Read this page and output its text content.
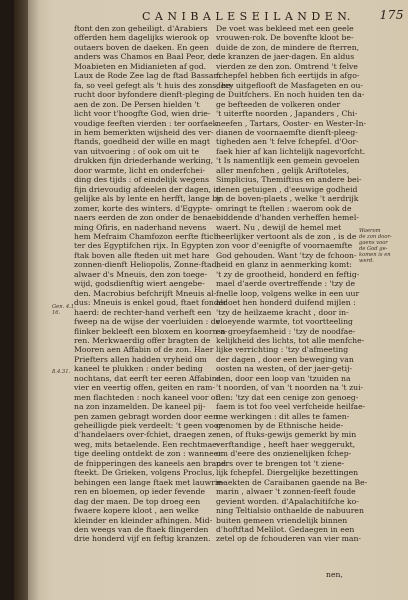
C A N I B A L E S E I L A N D E N. 175
ftont den zon geheiligt. d'Arabiers
offerden hem dagelijks wierook op
outaers boven de daeken. En geen
anders was Chamos en Baal Peor, de
Moabieten en Midianieten af god.
Laux de Rode Zee lag de ftad Bassam
fa, so veel gefegt als 't huis des zons, be-
rucht door byfondere dienft-pleging
aen de zon. De Persen hielden 't
licht voor t'hoogfte God, wien drie-
voudige feeften vierden : ter oorfaek
in hem bemerkten wijsheid des ver-
ftands, goedheid der wille en magt
van uitvoering : of ook om uit te
drukken fijn driederhande werking,
door warmte, licht en onderfchei-
ding des tijds : of eindelijk wegens
fijn drievoudig afdeelen der dagen, in
gelijke als by lente en herfft, lange by
zomer, korte des winters. d'Egypte-
naers eerden de zon onder de benae-
ming Ofiris, en naderhand nevens
hem Mefraim Chamfozon eerfte ftich-
ter des Egyptifchen rijx. In Egypten
ftak boven alle fteden uit met hare
zonnen-dienft Heliopolis, Zonne-ftad;
alwaer d's Mneuis, den zon toege-
wijd, godsdienftig wiert aengebe-
den. Macrobius befchrijft Mneuis al-
dus: Mneuis is enkel goud, ftaet fonder
haerd: de rechter-hand verheft een
fweep na de wijse der voerluiden : de
flinker bekleeft een bloxem en koorn-a-
ren. Merkwaerdig offer bragten de
Mooren aen Affabin of de zon. Haer
Priefters allen hadden vryheid om
kaneel te plukken : onder beding
nochtans, dat eerft ter eeren Affabins
vier en veertig offen, geiten en ram-
men flachteden : noch kaneel voor of
na zon inzamelden. De kaneel pij-
pen zamen gebragt worden door een
geheilligde piek verdeelt: 't geen voor
d'handelaers over-fchiet, draegen ze
weg, mits betaelende. Een rechtmae-
tige deeling ontdekt de zon : wanneer
de fnipperingen des kaneels aen brand
fteekt. De Grieken, volgens Proclus,
behingen een lange ftaek met lauwrie-
ren en bloemen, op ieder fevende
dag der maen. De top droeg een
fwaere kopere kloot , aen welke
kleinder en kleinder afhingen. Mid-
den weegs van de ftaek flingerden
drie honderd vijf en feftig kranzen.
De voet was bekleed met een geele
vrouwen-rok. De bovenfte kloot be-
duide de zon, de mindere de fterren,
de kranzen de jaer-dagen. En aldus
vierden ze den zon. Omtrend 't felve
fchepfel hebben fich eertijds in afgo-
dery uitgeflooft de Masfageten en ou-
de Duitfchers. En noch huiden ten da-
ge befteeden de volkeren onder
't uiterfte noorden , Japanders , Chi-
neefen , Tartars, Ooster- en Wester-In-
dianen de voornaemfte dienft-pleeg-
tigheden aen 't felve fchepfel. d'Oor-
faek hier af kan lichtelijk nagevorfcht.
't Is namentlijk een gemein gevoelen
aller menfchen , gelijk Ariftoteles,
Simplicius, Themiftius en andere bei-
denen getuigen , d'eeuwige godheid
in de boven-plaets , welke 't aerdrijk
omringt te ftellen : waerom ook de
biddende d'handen verheffen hemel-
waert. Nu , dewijl de hemel met
heerlijker vertoont als de zon , is de
zon voor d'eenigfte of voornaemfte
God gehouden. Want 'tzy de fchoon-
heid en glanz in aenmerking komt:
't zy de grootheid, honderd en feftig-
mael d'aerde overtreffende : 'tzy de
fnelle loop, volgens welke in een uur
aldoet hen honderd duifend mijlen :
'tzy de heilzaeme kracht , door in-
vloeyende warmte, tot voortteeling
en groeyfaemheid : 'tzy de noodfae-
kelijkheid des lichts, tot alle menfche-
lijke verrichting : 'tzy d'afmeeting
der dagen , door een beweging van
oosten na westen, of der jaer-getij-
den, door een loop van 'tzuiden na
't noorden, of van 't noorden na 't zui-
den: 'tzy dat een cenige zon genoeg-
faem is tot foo veel verfcheide heilfae-
me werkingen : dit alles te famen-
genomen by de Ethnische heide-
nen, of ftuks-gewijs gemerkt by min
verftandige , heeft haer weggerukt,
om d'eere des onzienelijken fchep-
pers over te brengen tot 't ziene-
lijk fchepfel. Diergelijke bezettingen
maekten de Caraibanen gaende na Be-
marin , alwaer 't zonnen-feeft foude
gevient worden. d'Apalachitifche ko-
ning Teltialsio onthaelde de nabuuren
buiten gemeen vriendelijk binnen
d'hoftftad Melilot. Gedaegen in een
zetel op de fchouderen van vier man-
Gen. 4.1.
16.
8.4.31.
Waerom
de zon door-
gaens voor
de God ge-
komen is en
werd.
nen,
